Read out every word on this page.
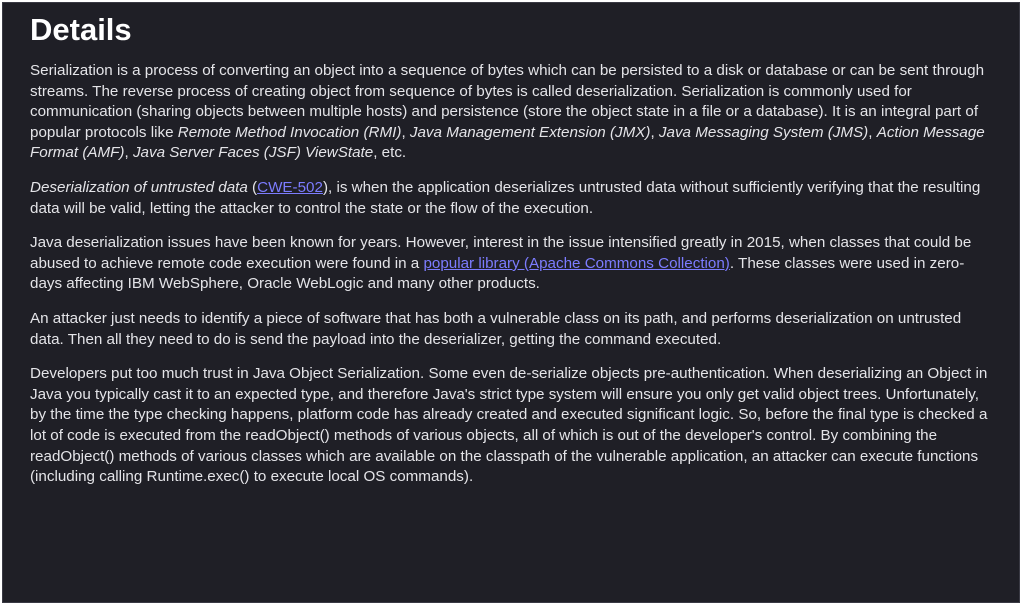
Details

Serialization is a process of converting an object into a sequence of bytes which can be persisted to a disk or database or can be sent through streams. The reverse process of creating object from sequence of bytes is called deserialization. Serialization is commonly used for communication (sharing objects between multiple hosts) and persistence (store the object state in a file or a database). It is an integral part of popular protocols like Remote Method Invocation (RMI), Java Management Extension (JMX), Java Messaging System (JMS), Action Message Format (AMF), Java Server Faces (JSF) ViewState, etc.

Deserialization of untrusted data (CWE-502), is when the application deserializes untrusted data without sufficiently verifying that the resulting data will be valid, letting the attacker to control the state or the flow of the execution.

Java deserialization issues have been known for years. However, interest in the issue intensified greatly in 2015, when classes that could be abused to achieve remote code execution were found in a popular library (Apache Commons Collection). These classes were used in zero-days affecting IBM WebSphere, Oracle WebLogic and many other products.

An attacker just needs to identify a piece of software that has both a vulnerable class on its path, and performs deserialization on untrusted data. Then all they need to do is send the payload into the deserializer, getting the command executed.

Developers put too much trust in Java Object Serialization. Some even de-serialize objects pre-authentication. When deserializing an Object in Java you typically cast it to an expected type, and therefore Java's strict type system will ensure you only get valid object trees. Unfortunately, by the time the type checking happens, platform code has already created and executed significant logic. So, before the final type is checked a lot of code is executed from the readObject() methods of various objects, all of which is out of the developer's control. By combining the readObject() methods of various classes which are available on the classpath of the vulnerable application, an attacker can execute functions (including calling Runtime.exec() to execute local OS commands).
